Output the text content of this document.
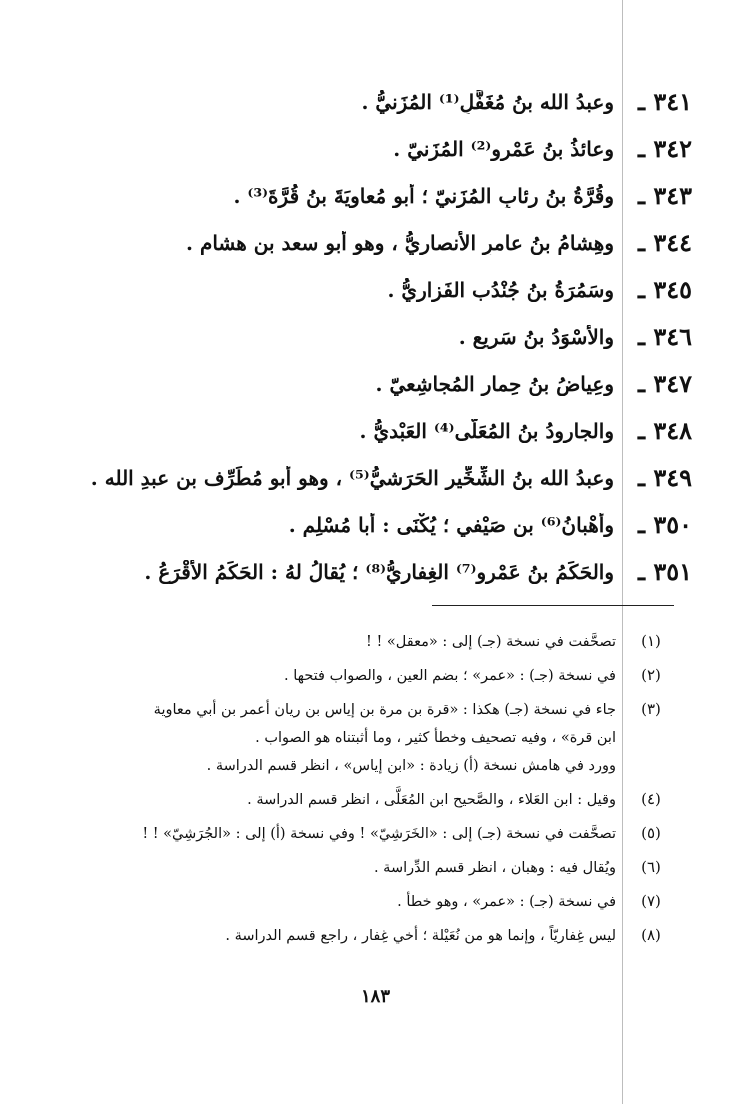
٣٤١ ـ
وعبدُ الله بنُ مُغَفَّلٍ⁽¹⁾ المُزَنيُّ .
٣٤٢ ـ
وعائذُ بنُ عَمْرو⁽²⁾ المُزَنيّ .
٣٤٣ ـ
وقُرَّةُ بنُ رِئابٍ المُزَنيّ ؛ أبو مُعاويَةَ بنُ قُرَّةَ⁽³⁾ .
٣٤٤ ـ
وهِشامُ بنُ عامرٍ الأنصاريُّ ، وهو أبو سعد بن هشام .
٣٤٥ ـ
وسَمُرَةُ بنُ جُنْدُب الفَزاريُّ .
٣٤٦ ـ
والأسْوَدُ بنُ سَريع .
٣٤٧ ـ
وعِياضُ بنُ حِمار المُجاشِعيّ .
٣٤٨ ـ
والجارودُ بنُ المُعَلَّى⁽⁴⁾ العَبْديُّ .
٣٤٩ ـ
وعبدُ الله بنُ الشِّخِّير الحَرَشيُّ⁽⁵⁾ ، وهو أبو مُطَرِّف بن عبدِ الله .
٣٥٠ ـ
وأُهْبانُ⁽⁶⁾ بن صَيْفي ؛ يُكْنَى : أبا مُسْلِم .
٣٥١ ـ
والحَكَمُ بنُ عَمْرو⁽⁷⁾ الغِفاريُّ⁽⁸⁾ ؛ يُقالُ لهُ : الحَكَمُ الأقْرَعُ .
(١)
تصحَّفت في نسخة (جـ) إلى : «معقل» ! !
(٢)
في نسخة (جـ) : «عمر» ؛ بضم العين ، والصواب فتحها .
(٣)
جاء في نسخة (جـ) هكذا : «قرة بن مرة بن إياس بن ريان أعمر بن أبي معاوية
ابن قرة» ، وفيه تصحيف وخطأ كثير ، وما أثبتناه هو الصواب .
وورد في هامش نسخة (أ) زيادة : «ابن إياس» ، انظر قسم الدراسة .
(٤)
وقيل : ابن العَلاء ، والصَّحيح ابن المُعَلَّى ، انظر قسم الدراسة .
(٥)
تصحَّفت في نسخة (جـ) إلى : «الخَرَشِيّ» ! وفي نسخة (أ) إلى : «الجُرَشِيّ» ! !
(٦)
ويُقال فيه : وهبان ، انظر قسم الدِّراسة .
(٧)
في نسخة (جـ) : «عمر» ، وهو خطأ .
(٨)
ليس غِفاريّاً ، وإنما هو من نُعَيْلة ؛ أخي غِفار ، راجع قسم الدراسة .
١٨٣
